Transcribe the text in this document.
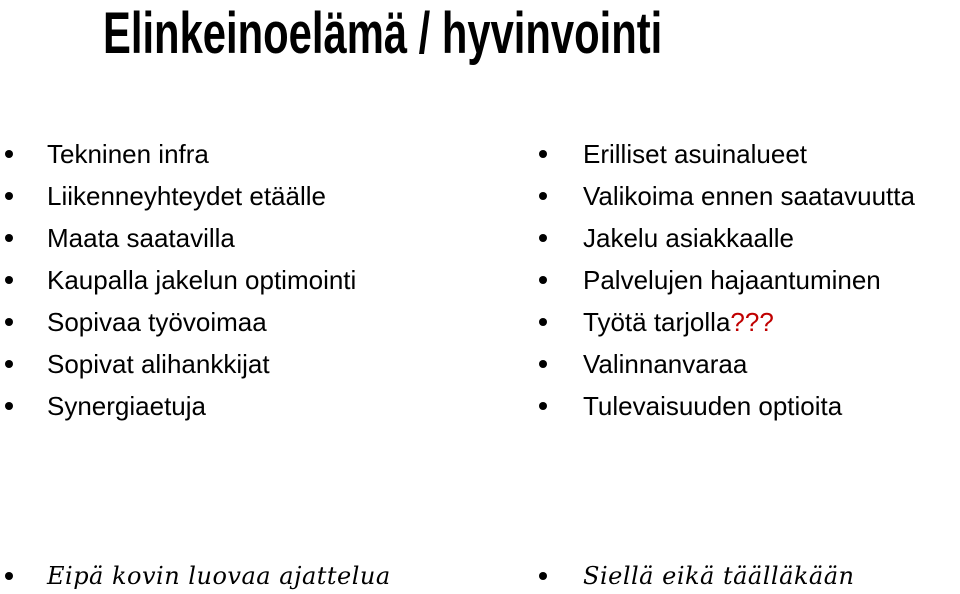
Elinkeinoelämä / hyvinvointi
Tekninen infra
Liikenneyhteydet etäälle
Maata saatavilla
Kaupalla jakelun optimointi
Sopivaa työvoimaa
Sopivat alihankkijat
Synergiaetuja
Erilliset asuinalueet
Valikoima ennen saatavuutta
Jakelu asiakkaalle
Palvelujen hajaantuminen
Työtä tarjolla???
Valinnanvaraa
Tulevaisuuden optioita
Eipä kovin luovaa ajattelua	Siellä eikä täälläkään
